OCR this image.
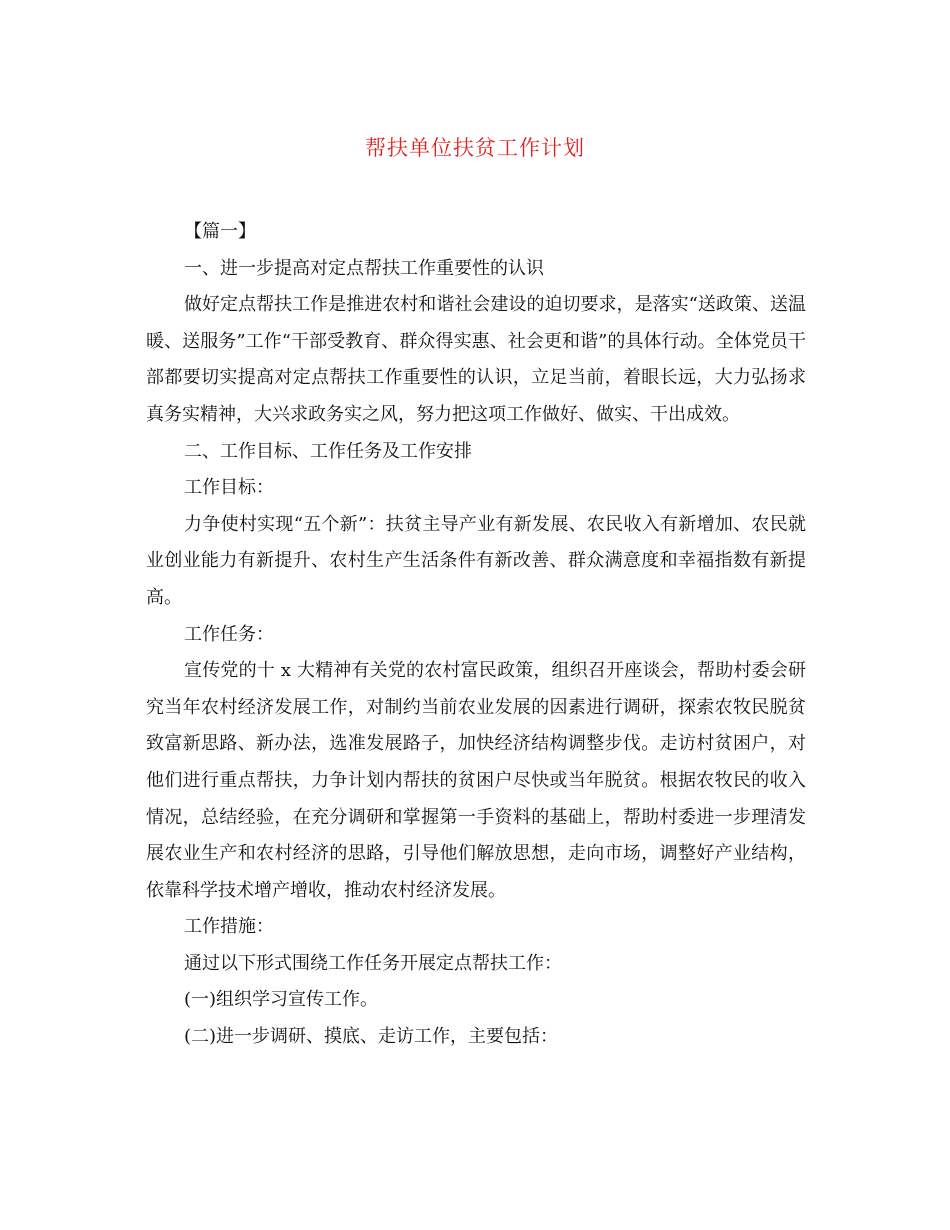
帮扶单位扶贫工作计划

【篇一】

一、进一步提高对定点帮扶工作重要性的认识

做好定点帮扶工作是推进农村和谐社会建设的迫切要求，是落实“送政策、送温暖、送服务”工作“干部受教育、群众得实惠、社会更和谐”的具体行动。全体党员干部都要切实提高对定点帮扶工作重要性的认识，立足当前，着眼长远，大力弘扬求真务实精神，大兴求政务实之风，努力把这项工作做好、做实、干出成效。

二、工作目标、工作任务及工作安排

工作目标：

力争使村实现“五个新”：扶贫主导产业有新发展、农民收入有新增加、农民就业创业能力有新提升、农村生产生活条件有新改善、群众满意度和幸福指数有新提高。

工作任务：

宣传党的十 x 大精神有关党的农村富民政策，组织召开座谈会，帮助村委会研究当年农村经济发展工作，对制约当前农业发展的因素进行调研，探索农牧民脱贫致富新思路、新办法，选准发展路子，加快经济结构调整步伐。走访村贫困户，对他们进行重点帮扶，力争计划内帮扶的贫困户尽快或当年脱贫。根据农牧民的收入情况，总结经验，在充分调研和掌握第一手资料的基础上，帮助村委进一步理清发展农业生产和农村经济的思路，引导他们解放思想，走向市场，调整好产业结构，依靠科学技术增产增收，推动农村经济发展。

工作措施：

通过以下形式围绕工作任务开展定点帮扶工作：

(一)组织学习宣传工作。

(二)进一步调研、摸底、走访工作，主要包括：
